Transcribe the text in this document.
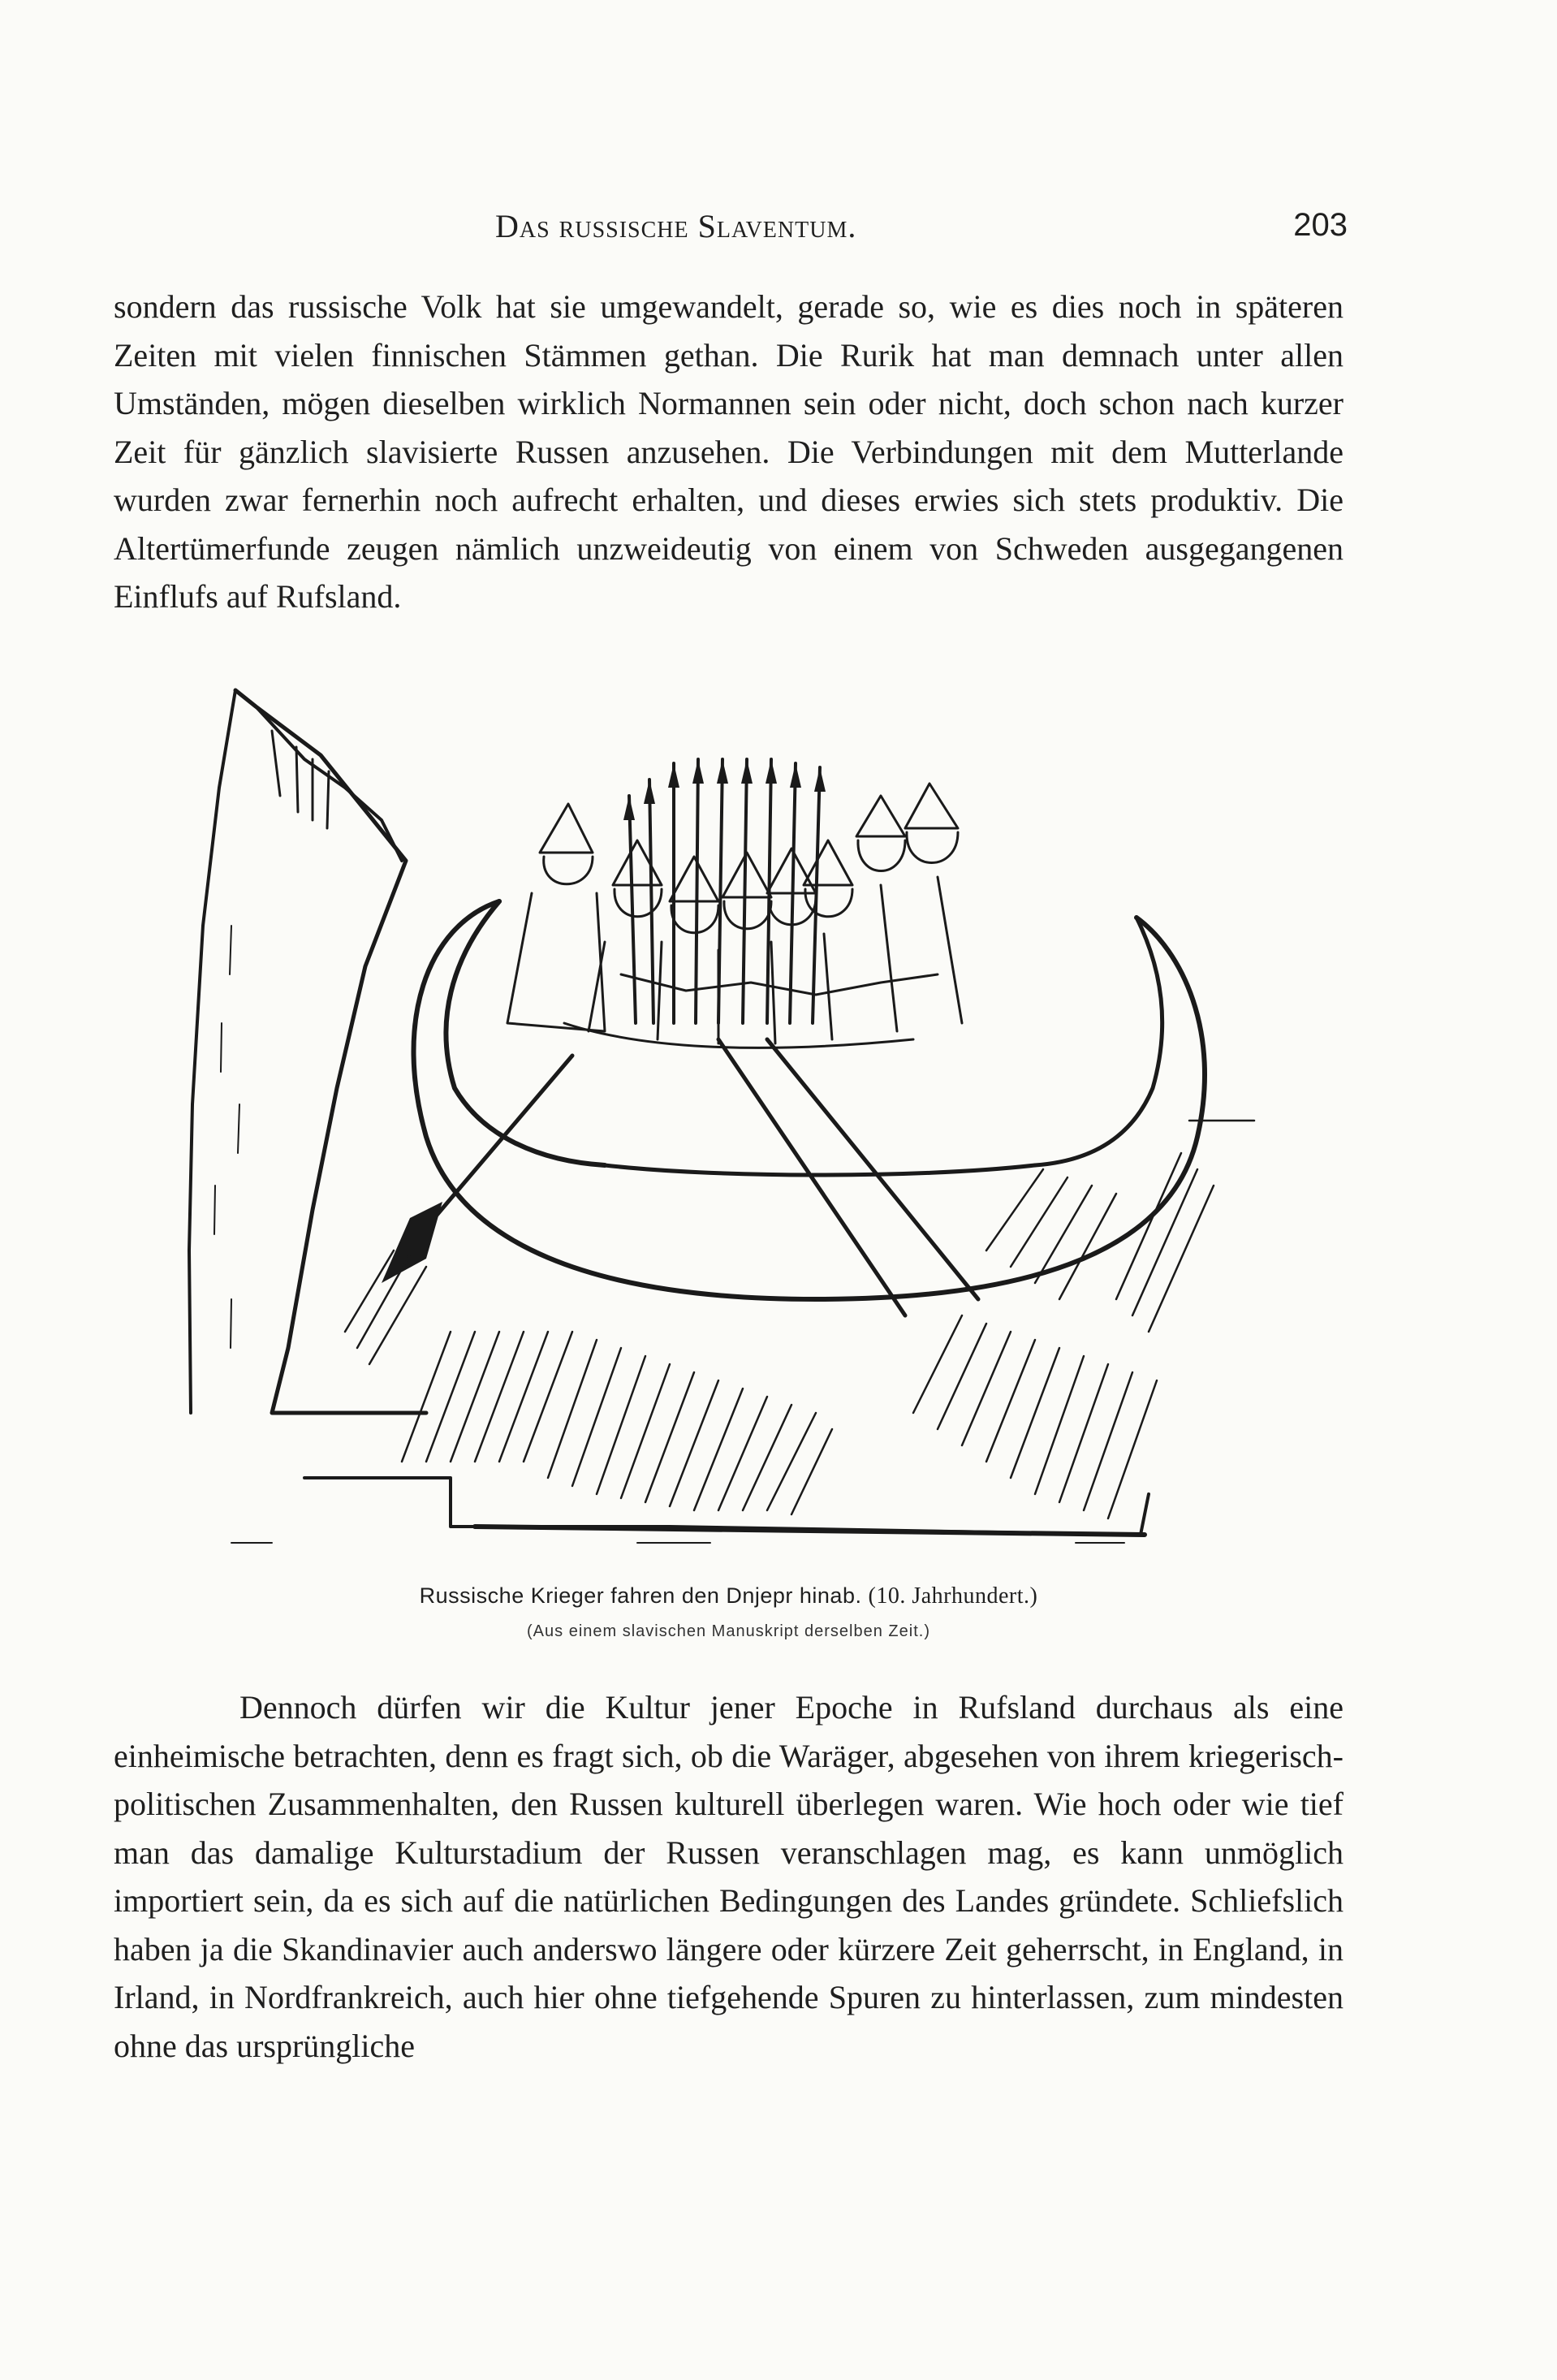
Das russische Slaventum.	203

sondern das russische Volk hat sie umgewandelt, gerade so, wie es dies noch in späteren Zeiten mit vielen finnischen Stämmen gethan. Die Rurik hat man demnach unter allen Umständen, mögen dieselben wirklich Normannen sein oder nicht, doch schon nach kurzer Zeit für gänzlich slavisierte Russen anzusehen. Die Verbindungen mit dem Mutterlande wurden zwar fernerhin noch aufrecht erhalten, und dieses erwies sich stets produktiv. Die Altertümerfunde zeugen nämlich unzweideutig von einem von Schweden ausgegangenen Einflufs auf Rufsland.

Russische Krieger fahren den Dnjepr hinab. (10. Jahrhundert.)
(Aus einem slavischen Manuskript derselben Zeit.)

Dennoch dürfen wir die Kultur jener Epoche in Rufsland durchaus als eine einheimische betrachten, denn es fragt sich, ob die Waräger, abgesehen von ihrem kriegerisch-politischen Zusammenhalten, den Russen kulturell überlegen waren. Wie hoch oder wie tief man das damalige Kulturstadium der Russen veranschlagen mag, es kann unmöglich importiert sein, da es sich auf die natürlichen Bedingungen des Landes gründete. Schliefslich haben ja die Skandinavier auch anderswo längere oder kürzere Zeit geherrscht, in England, in Irland, in Nordfrankreich, auch hier ohne tiefgehende Spuren zu hinterlassen, zum mindesten ohne das ursprüngliche
